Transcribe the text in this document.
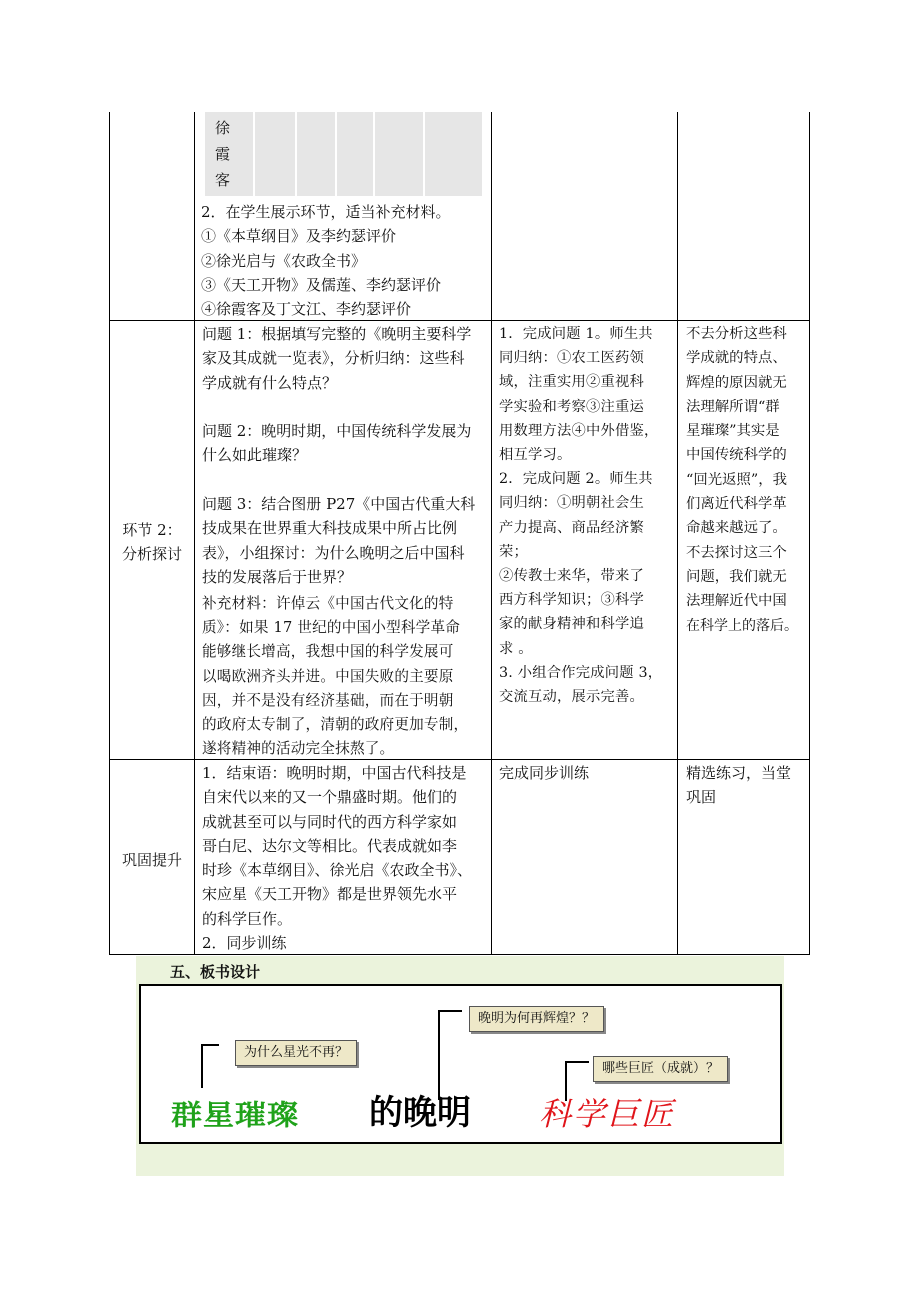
徐
霞
客
2．在学生展示环节，适当补充材料。
①《本草纲目》及李约瑟评价
②徐光启与《农政全书》
③《天工开物》及儒莲、李约瑟评价
④徐霞客及丁文江、李约瑟评价
环节 2：
分析探讨
问题 1：根据填写完整的《晚明主要科学
家及其成就一览表》，分析归纳：这些科
学成就有什么特点？

问题 2：晚明时期，中国传统科学发展为
什么如此璀璨？

问题 3：结合图册 P27《中国古代重大科
技成果在世界重大科技成果中所占比例
表》，小组探讨：为什么晚明之后中国科
技的发展落后于世界？
补充材料：许倬云《中国古代文化的特
质》：如果 17 世纪的中国小型科学革命
能够继长增高，我想中国的科学发展可
以喝欧洲齐头并进。中国失败的主要原
因，并不是没有经济基础，而在于明朝
的政府太专制了，清朝的政府更加专制，
遂将精神的活动完全抹熬了。
1．完成问题 1。师生共
同归纳：①农工医药领
域，注重实用②重视科
学实验和考察③注重运
用数理方法④中外借鉴，
相互学习。
2．完成问题 2。师生共
同归纳：①明朝社会生
产力提高、商品经济繁
荣；
②传教士来华，带来了
西方科学知识；③科学
家的献身精神和科学追
求 。
3. 小组合作完成问题 3，
交流互动，展示完善。
不去分析这些科
学成就的特点、
辉煌的原因就无
法理解所谓“群
星璀璨”其实是
中国传统科学的
“回光返照”，我
们离近代科学革
命越来越远了。
不去探讨这三个
问题，我们就无
法理解近代中国
在科学上的落后。
巩固提升
1．结束语：晚明时期，中国古代科技是
自宋代以来的又一个鼎盛时期。他们的
成就甚至可以与同时代的西方科学家如
哥白尼、达尔文等相比。代表成就如李
时珍《本草纲目》、徐光启《农政全书》、
宋应星《天工开物》都是世界领先水平
的科学巨作。
2．同步训练
完成同步训练	精选练习，当堂
巩固
五、板书设计
晚明为何再辉煌？？
为什么星光不再？
哪些巨匠（成就）？
群星璀璨 的晚明 科学巨匠
